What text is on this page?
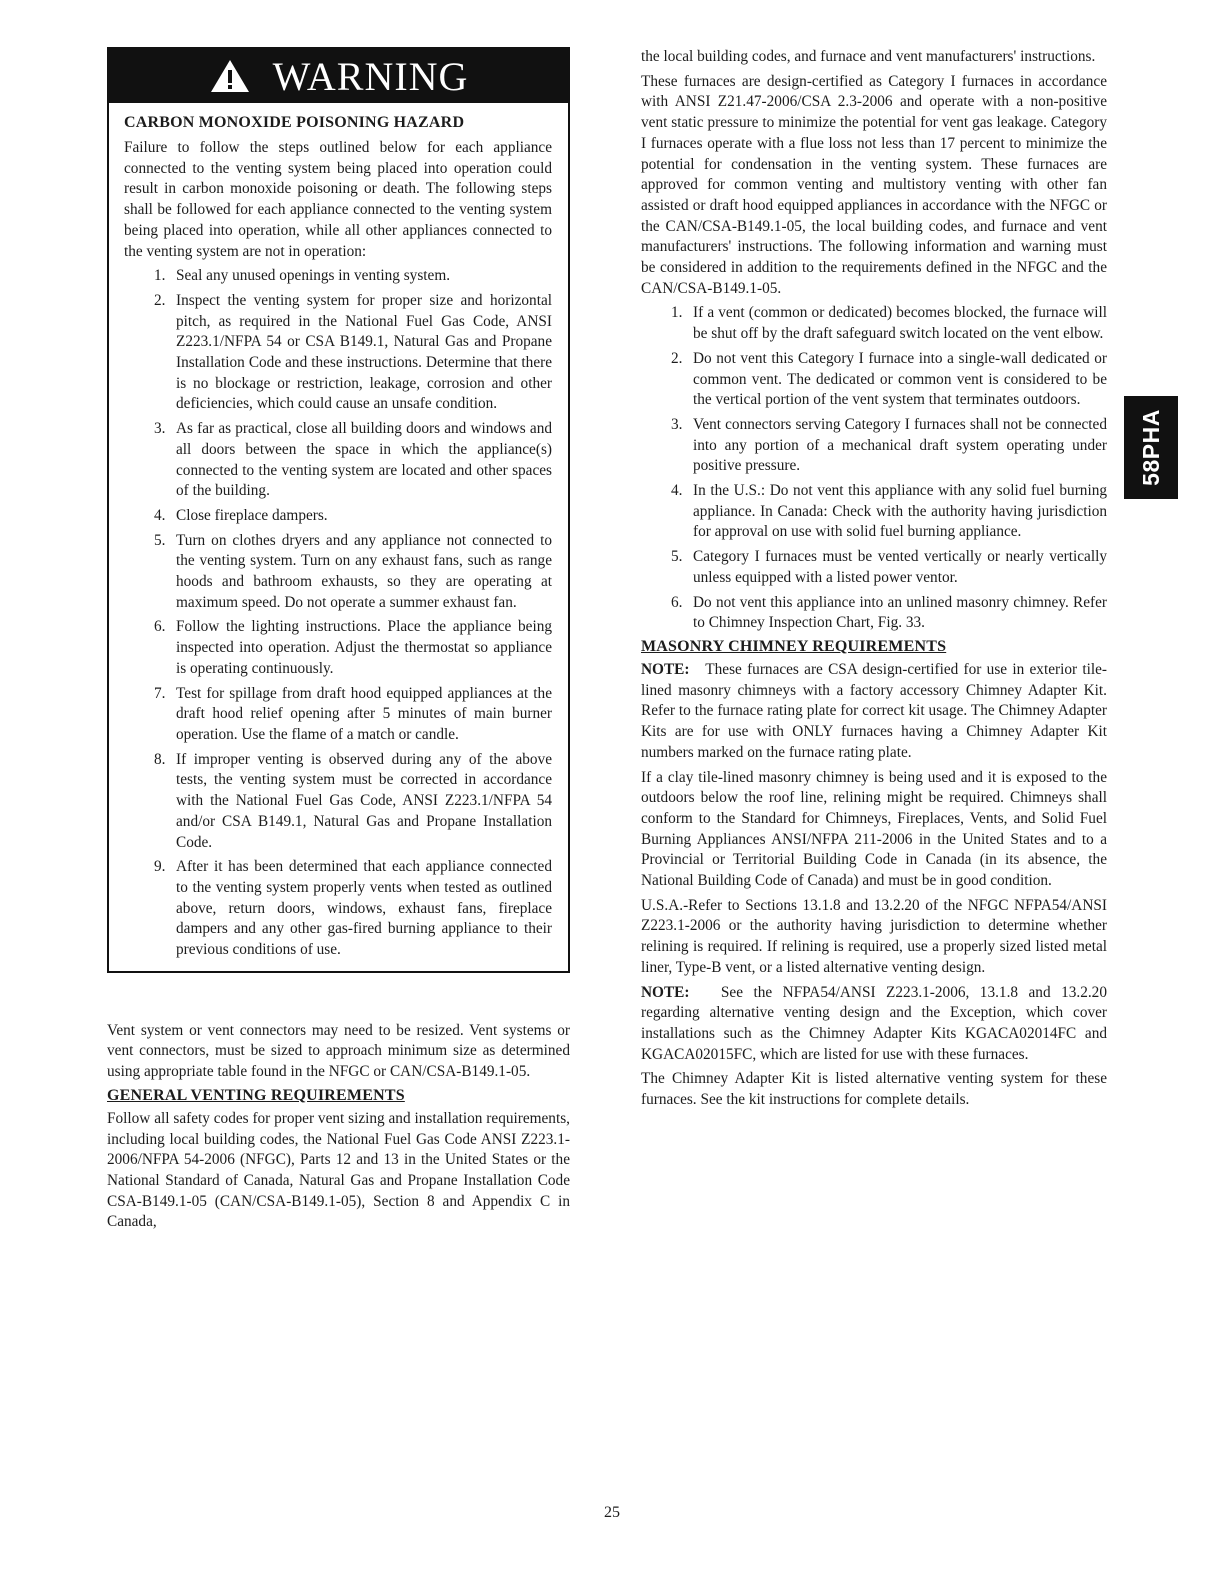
WARNING
CARBON MONOXIDE POISONING HAZARD

Failure to follow the steps outlined below for each appliance connected to the venting system being placed into operation could result in carbon monoxide poisoning or death. The following steps shall be followed for each appliance connected to the venting system being placed into operation, while all other appliances connected to the venting system are not in operation:

1. Seal any unused openings in venting system.
2. Inspect the venting system for proper size and horizontal pitch, as required in the National Fuel Gas Code, ANSI Z223.1/NFPA 54 or CSA B149.1, Natural Gas and Propane Installation Code and these instructions. Determine that there is no blockage or restriction, leakage, corrosion and other deficiencies, which could cause an unsafe condition.
3. As far as practical, close all building doors and windows and all doors between the space in which the appliance(s) connected to the venting system are located and other spaces of the building.
4. Close fireplace dampers.
5. Turn on clothes dryers and any appliance not connected to the venting system. Turn on any exhaust fans, such as range hoods and bathroom exhausts, so they are operating at maximum speed. Do not operate a summer exhaust fan.
6. Follow the lighting instructions. Place the appliance being inspected into operation. Adjust the thermostat so appliance is operating continuously.
7. Test for spillage from draft hood equipped appliances at the draft hood relief opening after 5 minutes of main burner operation. Use the flame of a match or candle.
8. If improper venting is observed during any of the above tests, the venting system must be corrected in accordance with the National Fuel Gas Code, ANSI Z223.1/NFPA 54 and/or CSA B149.1, Natural Gas and Propane Installation Code.
9. After it has been determined that each appliance connected to the venting system properly vents when tested as outlined above, return doors, windows, exhaust fans, fireplace dampers and any other gas-fired burning appliance to their previous conditions of use.

Vent system or vent connectors may need to be resized. Vent systems or vent connectors, must be sized to approach minimum size as determined using appropriate table found in the NFGC or CAN/CSA-B149.1-05.

GENERAL VENTING REQUIREMENTS

Follow all safety codes for proper vent sizing and installation requirements, including local building codes, the National Fuel Gas Code ANSI Z223.1-2006/NFPA 54-2006 (NFGC), Parts 12 and 13 in the United States or the National Standard of Canada, Natural Gas and Propane Installation Code CSA-B149.1-05 (CAN/CSA-B149.1-05), Section 8 and Appendix C in Canada,

the local building codes, and furnace and vent manufacturers' instructions.

These furnaces are design-certified as Category I furnaces in accordance with ANSI Z21.47-2006/CSA 2.3-2006 and operate with a non-positive vent static pressure to minimize the potential for vent gas leakage. Category I furnaces operate with a flue loss not less than 17 percent to minimize the potential for condensation in the venting system. These furnaces are approved for common venting and multistory venting with other fan assisted or draft hood equipped appliances in accordance with the NFGC or the CAN/CSA-B149.1-05, the local building codes, and furnace and vent manufacturers' instructions. The following information and warning must be considered in addition to the requirements defined in the NFGC and the CAN/CSA-B149.1-05.

1. If a vent (common or dedicated) becomes blocked, the furnace will be shut off by the draft safeguard switch located on the vent elbow.
2. Do not vent this Category I furnace into a single-wall dedicated or common vent. The dedicated or common vent is considered to be the vertical portion of the vent system that terminates outdoors.
3. Vent connectors serving Category I furnaces shall not be connected into any portion of a mechanical draft system operating under positive pressure.
4. In the U.S.: Do not vent this appliance with any solid fuel burning appliance. In Canada: Check with the authority having jurisdiction for approval on use with solid fuel burning appliance.
5. Category I furnaces must be vented vertically or nearly vertically unless equipped with a listed power ventor.
6. Do not vent this appliance into an unlined masonry chimney. Refer to Chimney Inspection Chart, Fig. 33.
MASONRY CHIMNEY REQUIREMENTS

NOTE: These furnaces are CSA design-certified for use in exterior tile-lined masonry chimneys with a factory accessory Chimney Adapter Kit. Refer to the furnace rating plate for correct kit usage. The Chimney Adapter Kits are for use with ONLY furnaces having a Chimney Adapter Kit numbers marked on the furnace rating plate.

If a clay tile-lined masonry chimney is being used and it is exposed to the outdoors below the roof line, relining might be required. Chimneys shall conform to the Standard for Chimneys, Fireplaces, Vents, and Solid Fuel Burning Appliances ANSI/NFPA 211-2006 in the United States and to a Provincial or Territorial Building Code in Canada (in its absence, the National Building Code of Canada) and must be in good condition.

U.S.A.-Refer to Sections 13.1.8 and 13.2.20 of the NFGC NFPA54/ANSI Z223.1-2006 or the authority having jurisdiction to determine whether relining is required. If relining is required, use a properly sized listed metal liner, Type-B vent, or a listed alternative venting design.

NOTE: See the NFPA54/ANSI Z223.1-2006, 13.1.8 and 13.2.20 regarding alternative venting design and the Exception, which cover installations such as the Chimney Adapter Kits KGACA02014FC and KGACA02015FC, which are listed for use with these furnaces.

The Chimney Adapter Kit is listed alternative venting system for these furnaces. See the kit instructions for complete details.

58PHA
25
